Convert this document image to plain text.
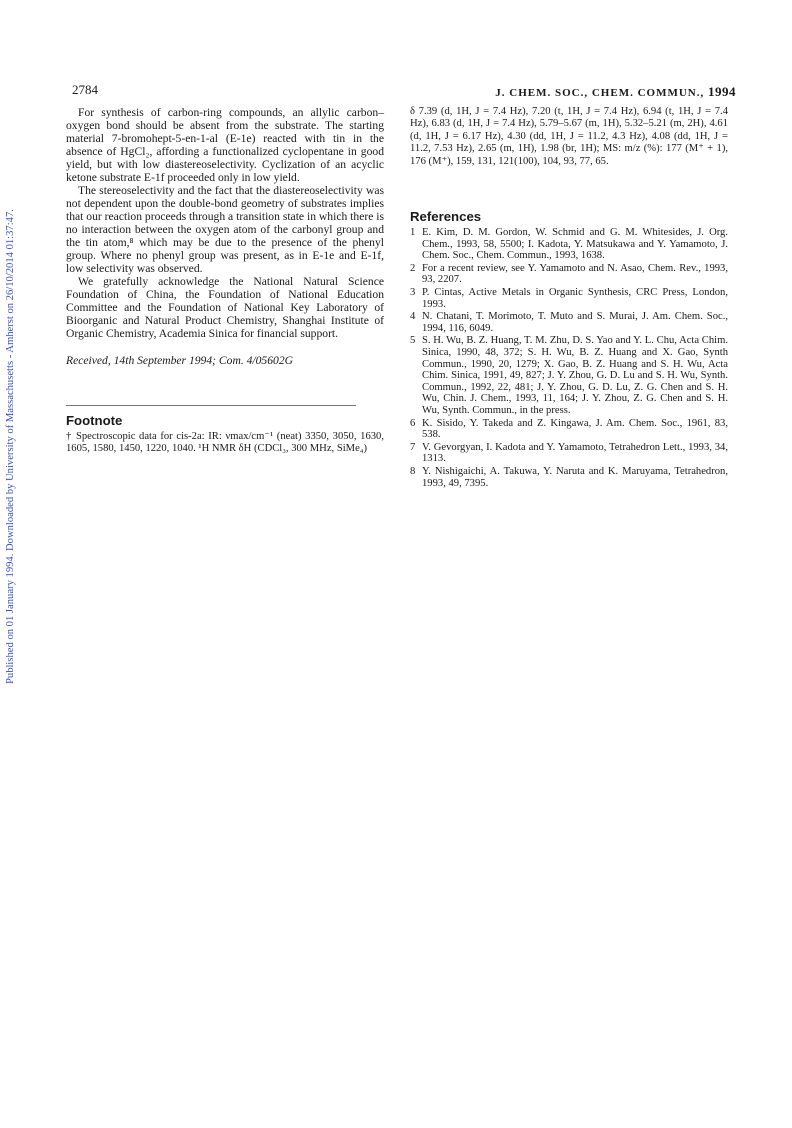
Published on 01 January 1994. Downloaded by University of Massachusetts - Amherst on 26/10/2014 01:37:47.
2784	J. CHEM. SOC., CHEM. COMMUN., 1994

For synthesis of carbon-ring compounds, an allylic carbon–oxygen bond should be absent from the substrate. The starting material 7-bromohept-5-en-1-al (E-1e) reacted with tin in the absence of HgCl₂, affording a functionalized cyclopentane in good yield, but with low diastereoselectivity. Cyclization of an acyclic ketone substrate E-1f proceeded only in low yield.

The stereoselectivity and the fact that the diastereoselectivity was not dependent upon the double-bond geometry of substrates implies that our reaction proceeds through a transition state in which there is no interaction between the oxygen atom of the carbonyl group and the tin atom,⁸ which may be due to the presence of the phenyl group. Where no phenyl group was present, as in E-1e and E-1f, low selectivity was observed.

We gratefully acknowledge the National Natural Science Foundation of China, the Foundation of National Education Committee and the Foundation of National Key Laboratory of Bioorganic and Natural Product Chemistry, Shanghai Institute of Organic Chemistry, Academia Sinica for financial support.

Received, 14th September 1994; Com. 4/05602G

Footnote

† Spectroscopic data for cis-2a: IR: νmax/cm⁻¹ (neat) 3350, 3050, 1630, 1605, 1580, 1450, 1220, 1040. ¹H NMR δH (CDCl₃, 300 MHz, SiMe₄)

δ 7.39 (d, 1H, J = 7.4 Hz), 7.20 (t, 1H, J = 7.4 Hz), 6.94 (t, 1H, J = 7.4 Hz), 6.83 (d, 1H, J = 7.4 Hz), 5.79–5.67 (m, 1H), 5.32–5.21 (m, 2H), 4.61 (d, 1H, J = 6.17 Hz), 4.30 (dd, 1H, J = 11.2, 4.3 Hz), 4.08 (dd, 1H, J = 11.2, 7.53 Hz), 2.65 (m, 1H), 1.98 (br, 1H); MS: m/z (%): 177 (M⁺ + 1), 176 (M⁺), 159, 131, 121(100), 104, 93, 77, 65.

References
1 E. Kim, D. M. Gordon, W. Schmid and G. M. Whitesides, J. Org. Chem., 1993, 58, 5500; I. Kadota, Y. Matsukawa and Y. Yamamoto, J. Chem. Soc., Chem. Commun., 1993, 1638.
2 For a recent review, see Y. Yamamoto and N. Asao, Chem. Rev., 1993, 93, 2207.
3 P. Cintas, Active Metals in Organic Synthesis, CRC Press, London, 1993.
4 N. Chatani, T. Morimoto, T. Muto and S. Murai, J. Am. Chem. Soc., 1994, 116, 6049.
5 S. H. Wu, B. Z. Huang, T. M. Zhu, D. S. Yao and Y. L. Chu, Acta Chim. Sinica, 1990, 48, 372; S. H. Wu, B. Z. Huang and X. Gao, Synth Commun., 1990, 20, 1279; X. Gao, B. Z. Huang and S. H. Wu, Acta Chim. Sinica, 1991, 49, 827; J. Y. Zhou, G. D. Lu and S. H. Wu, Synth. Commun., 1992, 22, 481; J. Y. Zhou, G. D. Lu, Z. G. Chen and S. H. Wu, Chin. J. Chem., 1993, 11, 164; J. Y. Zhou, Z. G. Chen and S. H. Wu, Synth. Commun., in the press.
6 K. Sisido, Y. Takeda and Z. Kingawa, J. Am. Chem. Soc., 1961, 83, 538.
7 V. Gevorgyan, I. Kadota and Y. Yamamoto, Tetrahedron Lett., 1993, 34, 1313.
8 Y. Nishigaichi, A. Takuwa, Y. Naruta and K. Maruyama, Tetrahedron, 1993, 49, 7395.
